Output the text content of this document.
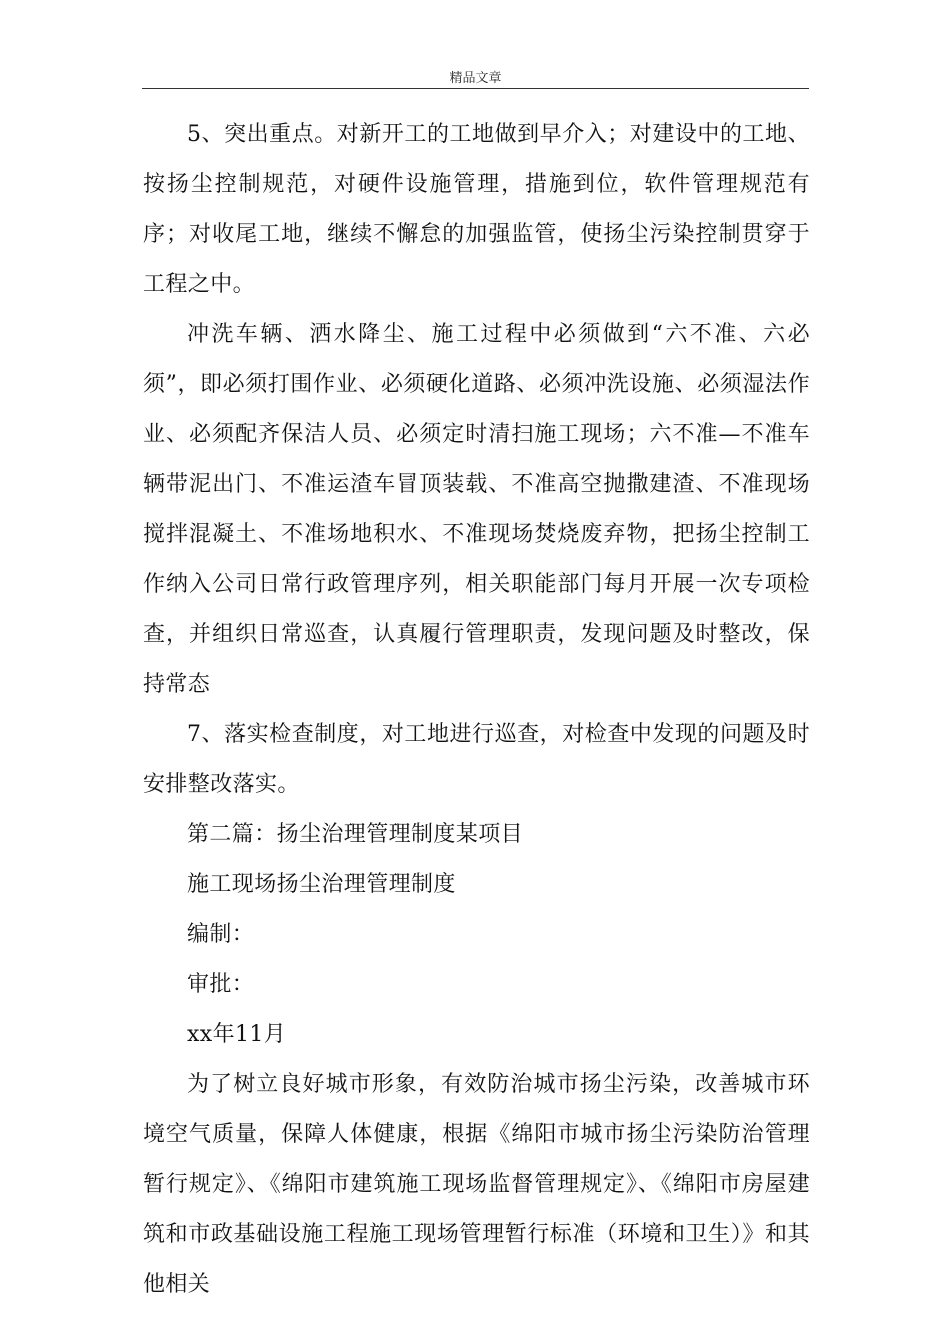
精品文章

5、突出重点。对新开工的工地做到早介入；对建设中的工地、按扬尘控制规范，对硬件设施管理，措施到位，软件管理规范有序；对收尾工地，继续不懈怠的加强监管，使扬尘污染控制贯穿于工程之中。

冲洗车辆、洒水降尘、施工过程中必须做到“六不准、六必须”，即必须打围作业、必须硬化道路、必须冲洗设施、必须湿法作业、必须配齐保洁人员、必须定时清扫施工现场；六不准—不准车辆带泥出门、不准运渣车冒顶装载、不准高空抛撒建渣、不准现场搅拌混凝土、不准场地积水、不准现场焚烧废弃物，把扬尘控制工作纳入公司日常行政管理序列，相关职能部门每月开展一次专项检查，并组织日常巡查，认真履行管理职责，发现问题及时整改，保持常态

7、落实检查制度，对工地进行巡查，对检查中发现的问题及时安排整改落实。

第二篇：扬尘治理管理制度某项目

施工现场扬尘治理管理制度

编制：

审批：

xx年11月

为了树立良好城市形象，有效防治城市扬尘污染，改善城市环境空气质量，保障人体健康，根据《绵阳市城市扬尘污染防治管理暂行规定》、《绵阳市建筑施工现场监督管理规定》、《绵阳市房屋建筑和市政基础设施工程施工现场管理暂行标准（环境和卫生）》和其他相关
